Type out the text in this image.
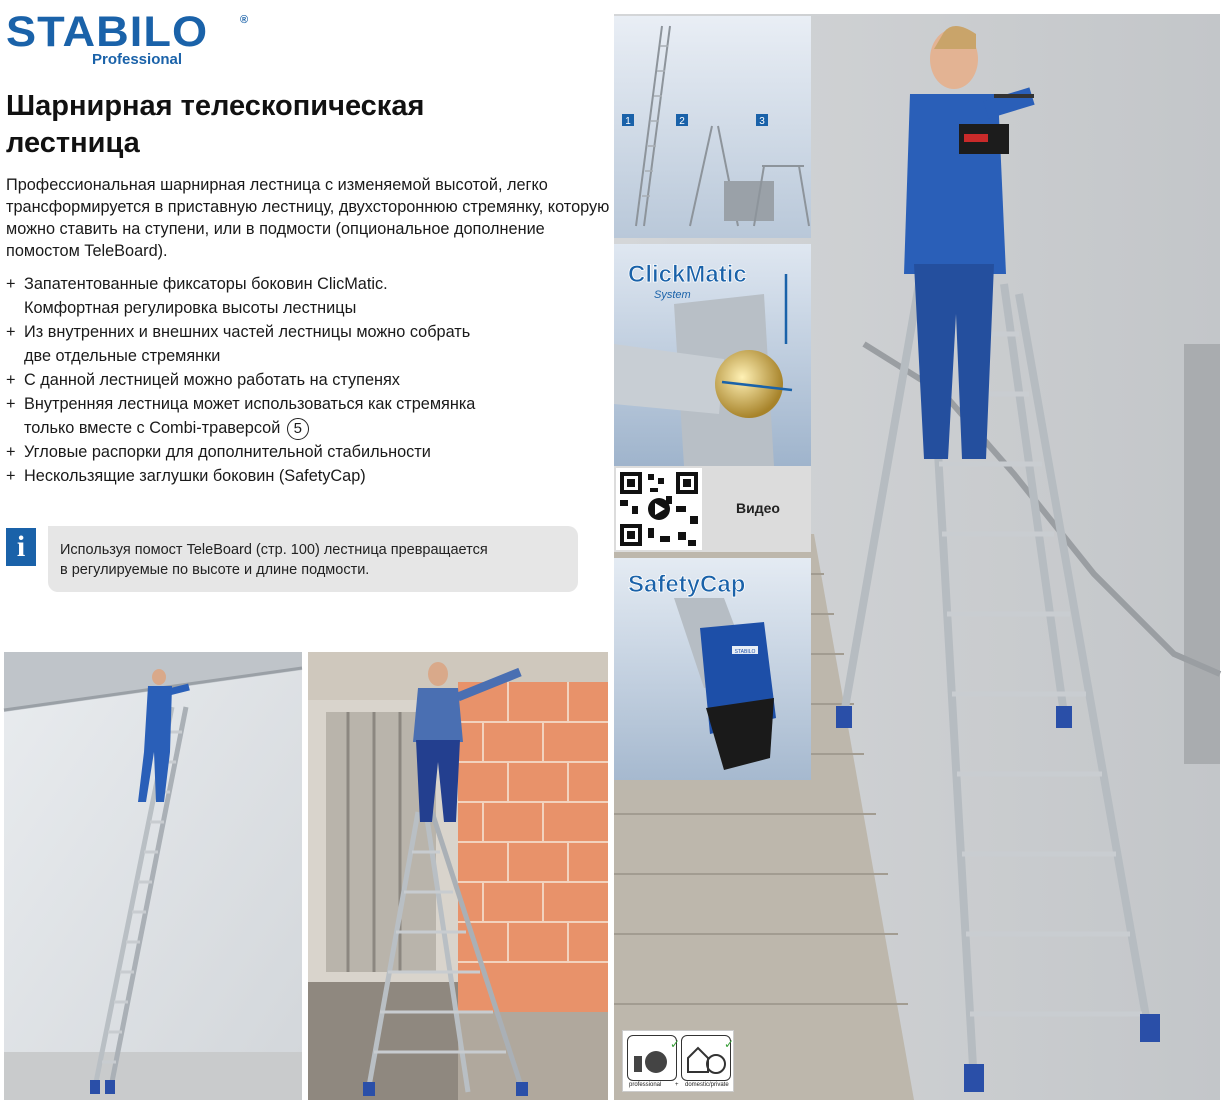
STABILO	®
Professional
Шарнирная телескопическая
лестница

Профессиональная шарнирная лестница с изменяемой высотой, легко трансформируется в приставную лестницу, двухстороннюю стремянку, которую можно ставить на ступени, или в подмости (опциональное дополнение помостом TeleBoard).

+ Запатентованные фиксаторы боковин ClicMatic.
Комфортная регулировка высоты лестницы
+ Из внутренних и внешних частей лестницы можно собрать
две отдельные стремянки
+ С данной лестницей можно работать на ступенях
+ Внутренняя лестница может использоваться как стремянка
только вместе с Combi-траверсой 5
+ Угловые распорки для дополнительной стабильности
+ Нескользящие заглушки боковин (SafetyCap)
i	Используя помост TeleBoard (стр. 100) лестница превращается
в регулируемые по высоте и длине подмости.
1	2	3
ClickMatic
System
Видео
STABILO
SafetyCap
✓	✓
professional + domestic/private
